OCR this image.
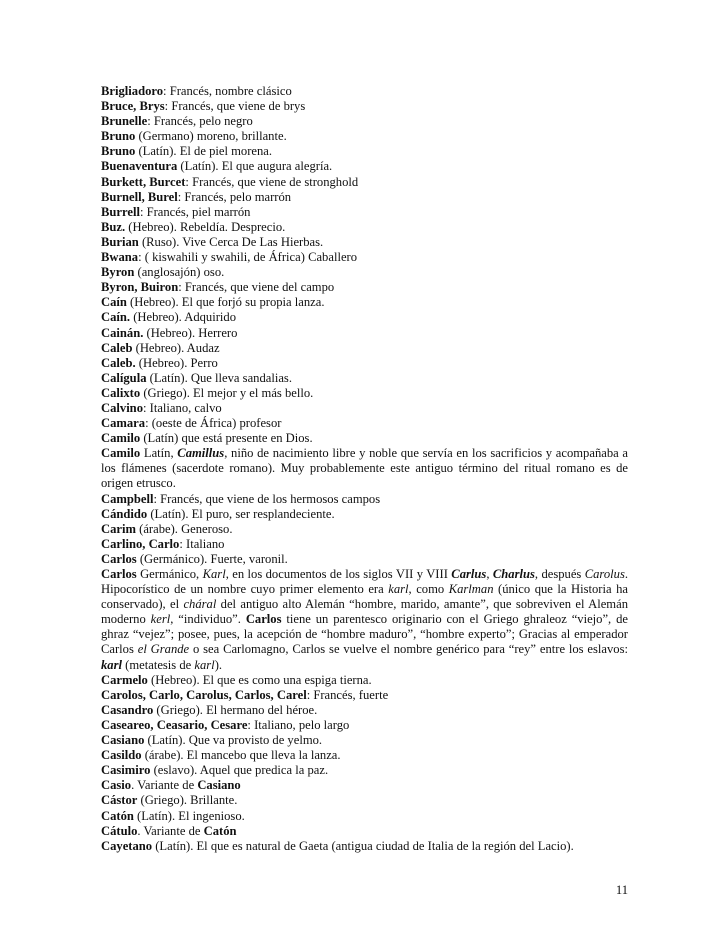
Brigliadoro: Francés, nombre clásico

Bruce, Brys: Francés, que viene de brys

Brunelle: Francés, pelo negro

Bruno (Germano) moreno, brillante.

Bruno (Latín). El de piel morena.

Buenaventura (Latín). El que augura alegría.

Burkett, Burcet: Francés, que viene de stronghold

Burnell, Burel: Francés, pelo marrón

Burrell: Francés, piel marrón

Buz. (Hebreo). Rebeldía. Desprecio.

Burian (Ruso). Vive Cerca De Las Hierbas.

Bwana: ( kiswahili y swahili, de África) Caballero

Byron (anglosajón) oso.

Byron, Buiron: Francés, que viene del campo

Caín (Hebreo). El que forjó su propia lanza.

Caín. (Hebreo). Adquirido

Cainán. (Hebreo). Herrero

Caleb (Hebreo). Audaz

Caleb. (Hebreo). Perro

Calígula (Latín). Que lleva sandalias.

Calixto (Griego). El mejor y el más bello.

Calvino: Italiano, calvo

Camara: (oeste de África) profesor

Camilo (Latín) que está presente en Dios.

Camilo Latín, Camillus, niño de nacimiento libre y noble que servía en los sacrificios y acompañaba a los flámenes (sacerdote romano). Muy probablemente este antiguo término del ritual romano es de origen etrusco.

Campbell: Francés, que viene de los hermosos campos

Cándido (Latín). El puro, ser resplandeciente.

Carim (árabe). Generoso.

Carlino, Carlo: Italiano

Carlos (Germánico). Fuerte, varonil.

Carlos Germánico, Karl, en los documentos de los siglos VII y VIII Carlus, Charlus, después Carolus. Hipocorístico de un nombre cuyo primer elemento era karl, como Karlman (único que la Historia ha conservado), el cháral del antiguo alto Alemán “hombre, marido, amante”, que sobreviven el Alemán moderno kerl, “individuo”. Carlos tiene un parentesco originario con el Griego ghraleoz “viejo”, de ghraz “vejez”; posee, pues, la acepción de “hombre maduro”, “hombre experto”; Gracias al emperador Carlos el Grande o sea Carlomagno, Carlos se vuelve el nombre genérico para “rey” entre los eslavos: karl (metatesis de karl).

Carmelo (Hebreo). El que es como una espiga tierna.

Carolos, Carlo, Carolus, Carlos, Carel: Francés, fuerte

Casandro (Griego). El hermano del héroe.

Caseareo, Ceasario, Cesare: Italiano, pelo largo

Casiano (Latín). Que va provisto de yelmo.

Casildo (árabe). El mancebo que lleva la lanza.

Casimiro (eslavo). Aquel que predica la paz.

Casio. Variante de Casiano

Cástor (Griego). Brillante.

Catón (Latín). El ingenioso.

Cátulo. Variante de Catón

Cayetano (Latín). El que es natural de Gaeta (antigua ciudad de Italia de la región del Lacio).

11
